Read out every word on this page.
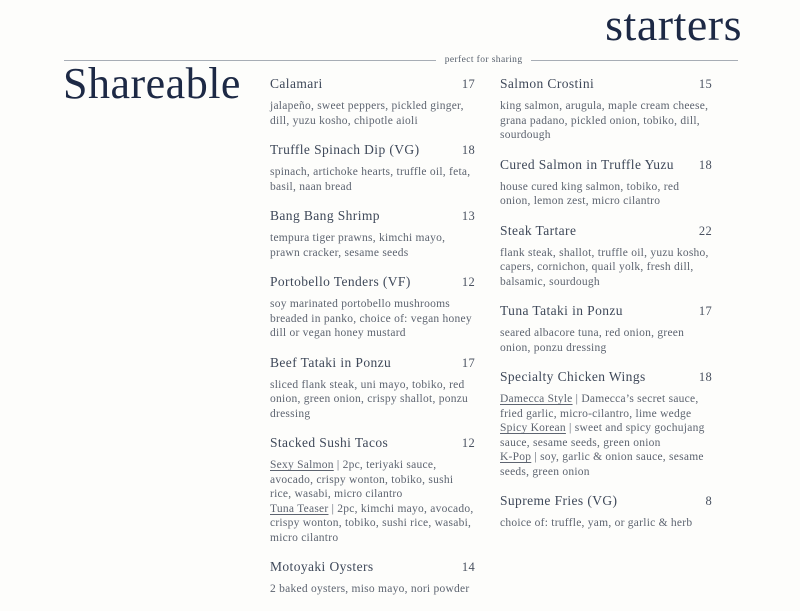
starters
perfect for sharing
Shareable Calamari	17

jalapeño, sweet peppers, pickled ginger, dill, yuzu kosho, chipotle aioli

Truffle Spinach Dip (VG)	18

spinach, artichoke hearts, truffle oil, feta, basil, naan bread

Bang Bang Shrimp	13

tempura tiger prawns, kimchi mayo, prawn cracker, sesame seeds

Portobello Tenders (VF)	12

soy marinated portobello mushrooms breaded in panko, choice of: vegan honey dill or vegan honey mustard

Beef Tataki in Ponzu	17

sliced flank steak, uni mayo, tobiko, red onion, green onion, crispy shallot, ponzu dressing

Stacked Sushi Tacos	12

Sexy Salmon | 2pc, teriyaki sauce, avocado, crispy wonton, tobiko, sushi rice, wasabi, micro cilantro

Tuna Teaser | 2pc, kimchi mayo, avocado, crispy wonton, tobiko, sushi rice, wasabi, micro cilantro

Motoyaki Oysters	14

2 baked oysters, miso mayo, nori powder

Salmon Crostini	15

king salmon, arugula, maple cream cheese, grana padano, pickled onion, tobiko, dill, sourdough

Cured Salmon in Truffle Yuzu 18

house cured king salmon, tobiko, red onion, lemon zest, micro cilantro

Steak Tartare	22

flank steak, shallot, truffle oil, yuzu kosho, capers, cornichon, quail yolk, fresh dill, balsamic, sourdough

Tuna Tataki in Ponzu	17

seared albacore tuna, red onion, green onion, ponzu dressing

Specialty Chicken Wings	18

Damecca Style | Damecca’s secret sauce, fried garlic, micro-cilantro, lime wedge

Spicy Korean | sweet and spicy gochujang sauce, sesame seeds, green onion

K-Pop | soy, garlic & onion sauce, sesame seeds, green onion

Supreme Fries (VG)	8

choice of: truffle, yam, or garlic & herb
